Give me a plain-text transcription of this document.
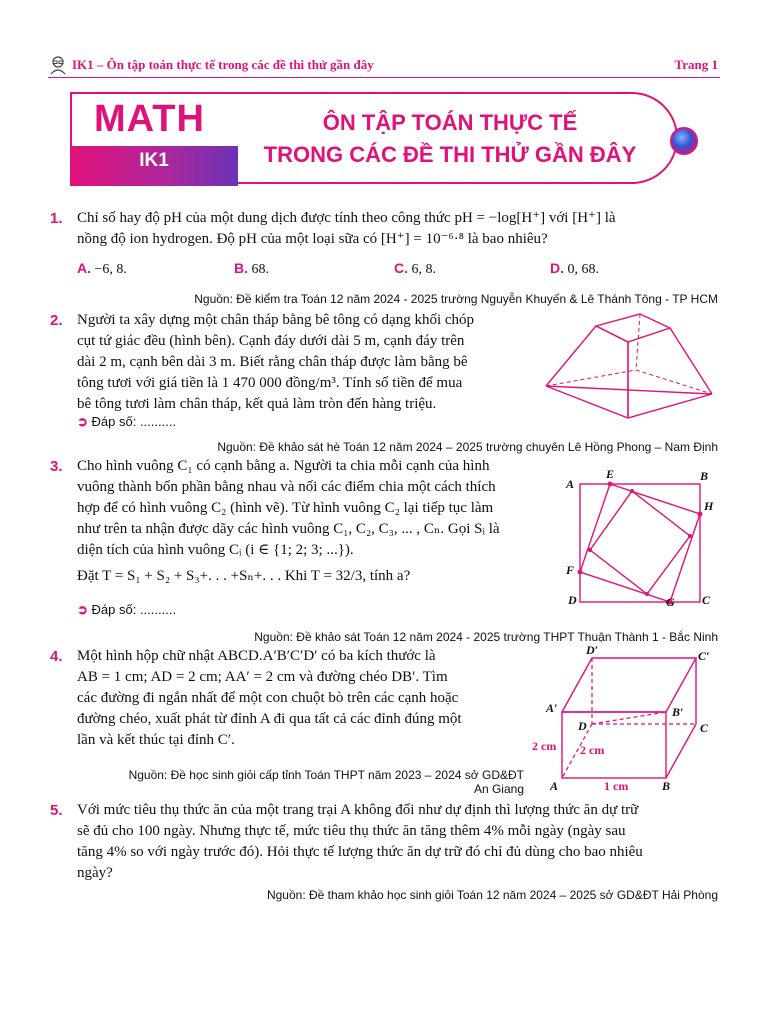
IK1 – Ôn tập toán thực tế trong các đề thi thử gần đây	Trang 1
MATH
IK1
ÔN TẬP TOÁN THỰC TẾ
TRONG CÁC ĐỀ THI THỬ GẦN ĐÂY
1. Chỉ số hay độ pH của một dung dịch được tính theo công thức pH = −log[H⁺] với [H⁺] là
nồng độ ion hydrogen. Độ pH của một loại sữa có [H⁺] = 10⁻⁶·⁸ là bao nhiêu?
A. −6, 8.	B. 68.	C. 6, 8.	D. 0, 68.
Nguồn: Đề kiểm tra Toán 12 năm 2024 - 2025 trường Nguyễn Khuyến & Lê Thánh Tông - TP HCM
2. Người ta xây dựng một chân tháp bằng bê tông có dạng khối chóp
cụt tứ giác đều (hình bên). Cạnh đáy dưới dài 5 m, cạnh đáy trên
dài 2 m, cạnh bên dài 3 m. Biết rằng chân tháp được làm bằng bê
tông tươi với giá tiền là 1 470 000 đồng/m³. Tính số tiền để mua
bê tông tươi làm chân tháp, kết quả làm tròn đến hàng triệu.
➲ Đáp số: ..........
Nguồn: Đề khảo sát hè Toán 12 năm 2024 – 2025 trường chuyên Lê Hồng Phong – Nam Định
3. Cho hình vuông C₁ có cạnh bằng a. Người ta chia mỗi cạnh của hình
vuông thành bốn phần bằng nhau và nối các điểm chia một cách thích
hợp để có hình vuông C₂ (hình vẽ). Từ hình vuông C₂ lại tiếp tục làm
như trên ta nhận được dãy các hình vuông C₁, C₂, C₃, ... , Cₙ. Gọi Sᵢ là
diện tích của hình vuông Cᵢ (i ∈ {1; 2; 3; ...}).
Đặt T = S₁ + S₂ + S₃+. . . +Sₙ+. . . Khi T = 32/3, tính a?
➲ Đáp số: ..........
A
E	B
H
F
D	G C
Nguồn: Đề khảo sát Toán 12 năm 2024 - 2025 trường THPT Thuận Thành 1 - Bắc Ninh
4. Một hình hộp chữ nhật ABCD.A′B′C′D′ có ba kích thước là
AB = 1 cm; AD = 2 cm; AA′ = 2 cm và đường chéo DB′. Tìm
các đường đi ngắn nhất để một con chuột bò trên các cạnh hoặc
đường chéo, xuất phát từ đỉnh A đi qua tất cả các đỉnh đúng một
lần và kết thúc tại đỉnh C′.
Nguồn: Đề học sinh giỏi cấp tỉnh Toán THPT năm 2023 – 2024 sở GD&ĐT
An Giang
D′	C′
A′	B′
D	C
A	B
2 cm 2 cm
1 cm
5. Với mức tiêu thụ thức ăn của một trang trại A không đổi như dự định thì lượng thức ăn dự trữ
sẽ đủ cho 100 ngày. Nhưng thực tế, mức tiêu thụ thức ăn tăng thêm 4% mỗi ngày (ngày sau
tăng 4% so với ngày trước đó). Hỏi thực tế lượng thức ăn dự trữ đó chỉ đủ dùng cho bao nhiêu
ngày?
Nguồn: Đề tham khảo học sinh giỏi Toán 12 năm 2024 – 2025 sở GD&ĐT Hải Phòng
